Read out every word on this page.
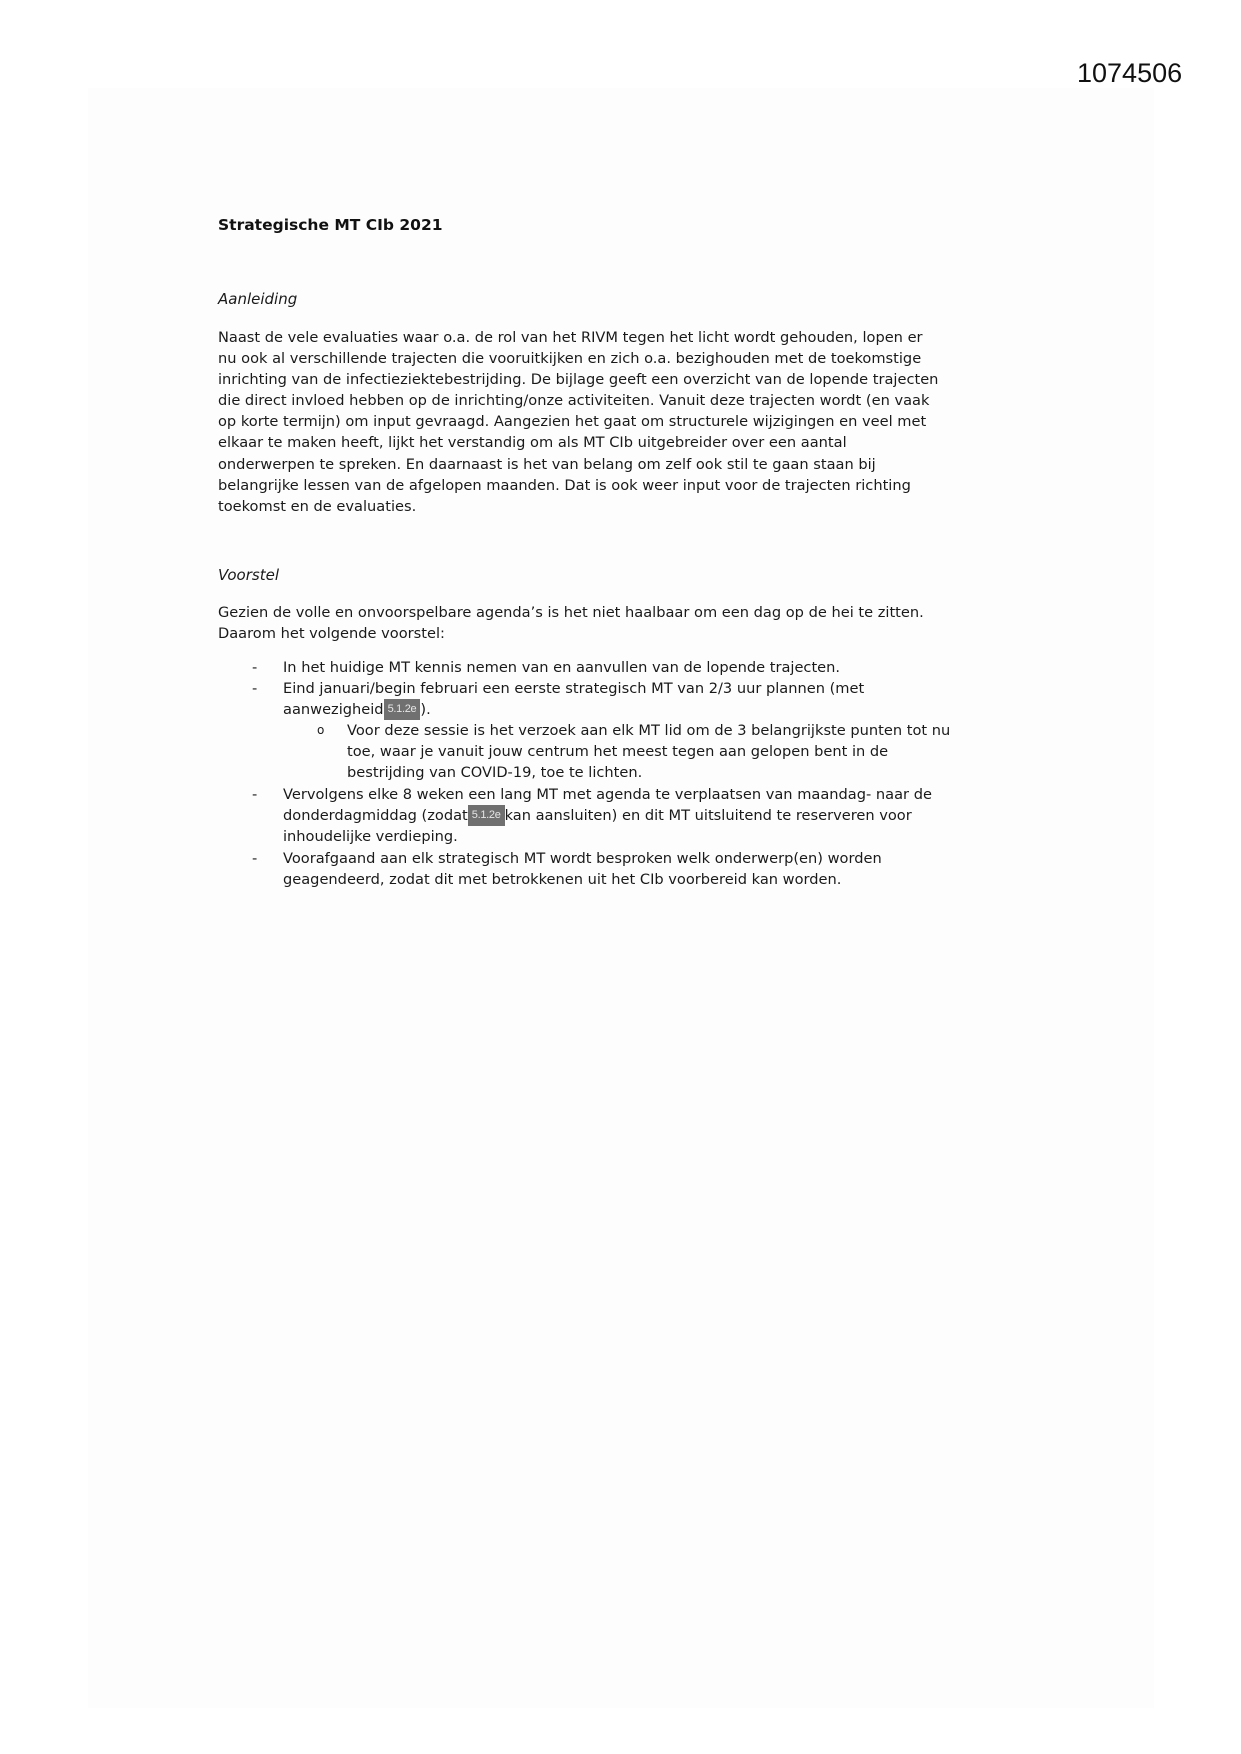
1074506
Strategische MT CIb 2021
Aanleiding
Naast de vele evaluaties waar o.a. de rol van het RIVM tegen het licht wordt gehouden, lopen er
nu ook al verschillende trajecten die vooruitkijken en zich o.a. bezighouden met de toekomstige
inrichting van de infectieziektebestrijding. De bijlage geeft een overzicht van de lopende trajecten
die direct invloed hebben op de inrichting/onze activiteiten. Vanuit deze trajecten wordt (en vaak
op korte termijn) om input gevraagd. Aangezien het gaat om structurele wijzigingen en veel met
elkaar te maken heeft, lijkt het verstandig om als MT CIb uitgebreider over een aantal
onderwerpen te spreken. En daarnaast is het van belang om zelf ook stil te gaan staan bij
belangrijke lessen van de afgelopen maanden. Dat is ook weer input voor de trajecten richting
toekomst en de evaluaties.
Voorstel
Gezien de volle en onvoorspelbare agenda’s is het niet haalbaar om een dag op de hei te zitten.
Daarom het volgende voorstel:
- In het huidige MT kennis nemen van en aanvullen van de lopende trajecten.
- Eind januari/begin februari een eerste strategisch MT van 2/3 uur plannen (met
aanwezigheid 5.1.2e ).
o Voor deze sessie is het verzoek aan elk MT lid om de 3 belangrijkste punten tot nu
toe, waar je vanuit jouw centrum het meest tegen aan gelopen bent in de
bestrijding van COVID-19, toe te lichten.
- Vervolgens elke 8 weken een lang MT met agenda te verplaatsen van maandag- naar de
donderdagmiddag (zodat 5.1.2e kan aansluiten) en dit MT uitsluitend te reserveren voor
inhoudelijke verdieping.
- Voorafgaand aan elk strategisch MT wordt besproken welk onderwerp(en) worden
geagendeerd, zodat dit met betrokkenen uit het CIb voorbereid kan worden.
